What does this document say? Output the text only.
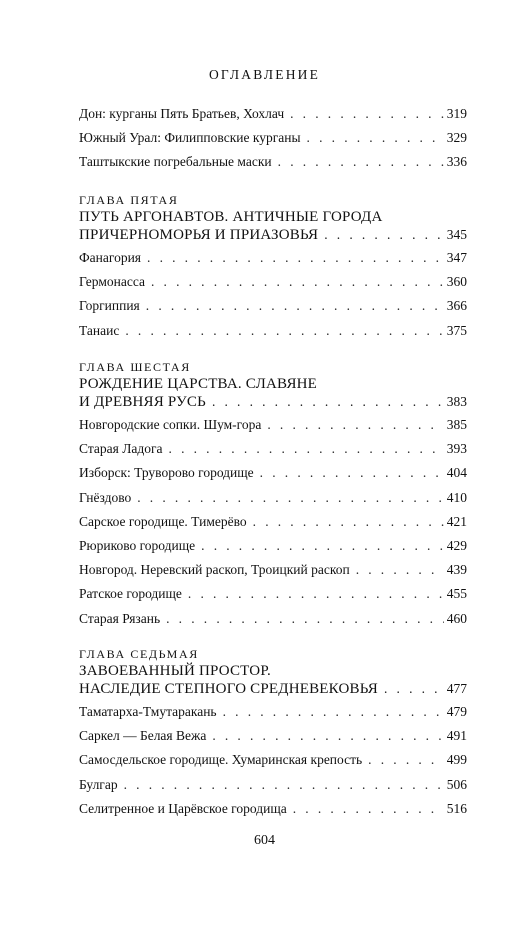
ОГЛАВЛЕНИЕ
Дон: курганы Пять Братьев, Хохлач . . .	319
Южный Урал: Филипповские курганы . . .	329
Таштыкские погребальные маски . . .	336
ГЛАВА ПЯТАЯ
ПУТЬ АРГОНАВТОВ. АНТИЧНЫЕ ГОРОДА
ПРИЧЕРНОМОРЬЯ И ПРИАЗОВЬЯ . . .	345
Фанагория . . .	347
Гермонасса . . .	360
Горгиппия . . .	366
Танаис . . .	375
ГЛАВА ШЕСТАЯ
РОЖДЕНИЕ ЦАРСТВА. СЛАВЯНЕ
И ДРЕВНЯЯ РУСЬ . . .	383
Новгородские сопки. Шум-гора . . .	385
Старая Ладога . . .	393
Изборск: Труворово городище . . .	404
Гнёздово . . .	410
Сарское городище. Тимерёво . . .	421
Рюриково городище . . .	429
Новгород. Неревский раскоп, Троицкий раскоп . . .	439
Ратское городище . . .	455
Старая Рязань . . .	460
ГЛАВА СЕДЬМАЯ
ЗАВОЕВАННЫЙ ПРОСТОР.
НАСЛЕДИЕ СТЕПНОГО СРЕДНЕВЕКОВЬЯ . . .	477
Таматарха-Тмутаракань . . .	479
Саркел — Белая Вежа . . .	491
Самосдельское городище. Хумаринская крепость . . .	499
Булгар . . .	506
Селитренное и Царёвское городища . . .	516
604
